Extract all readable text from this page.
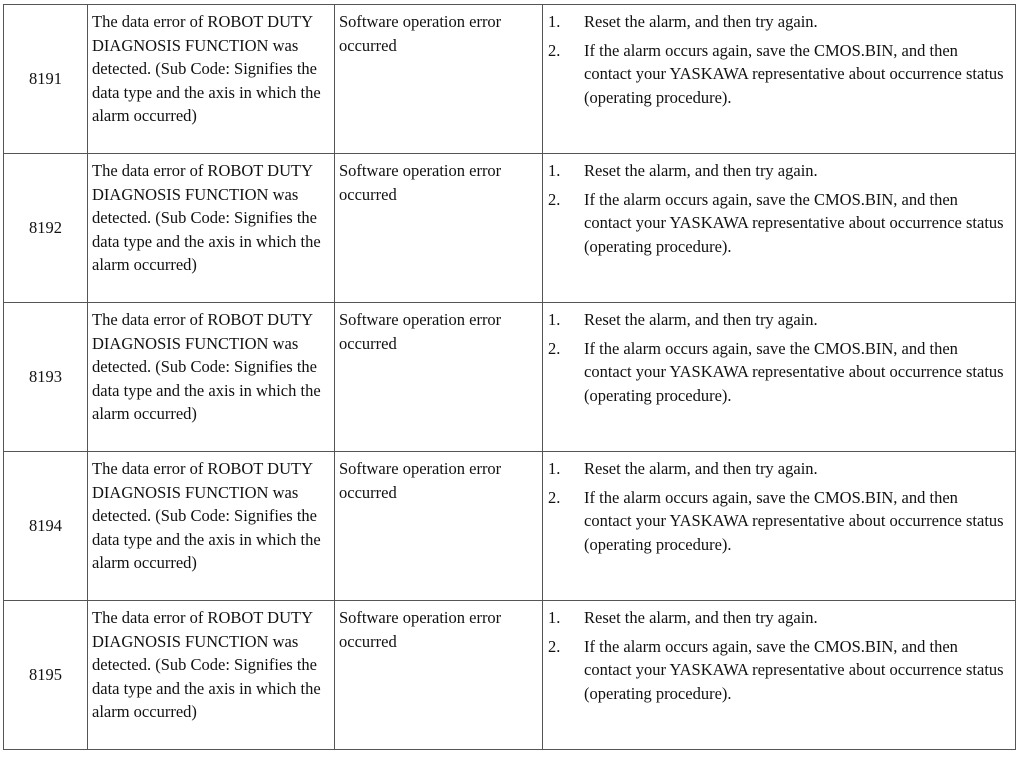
8191	The data error of ROBOT DUTY DIAGNOSIS FUNCTION was detected. (Sub Code: Signifies the data type and the axis in which the alarm occurred)	Software operation error occurred	1. Reset the alarm, and then try again.
2. If the alarm occurs again, save the CMOS.BIN, and then contact your YASKAWA representative about occurrence status (operating procedure).

8192	The data error of ROBOT DUTY DIAGNOSIS FUNCTION was detected. (Sub Code: Signifies the data type and the axis in which the alarm occurred)	Software operation error occurred	1. Reset the alarm, and then try again.
2. If the alarm occurs again, save the CMOS.BIN, and then contact your YASKAWA representative about occurrence status (operating procedure).

8193	The data error of ROBOT DUTY DIAGNOSIS FUNCTION was detected. (Sub Code: Signifies the data type and the axis in which the alarm occurred)	Software operation error occurred	1. Reset the alarm, and then try again.
2. If the alarm occurs again, save the CMOS.BIN, and then contact your YASKAWA representative about occurrence status (operating procedure).

8194	The data error of ROBOT DUTY DIAGNOSIS FUNCTION was detected. (Sub Code: Signifies the data type and the axis in which the alarm occurred)	Software operation error occurred	1. Reset the alarm, and then try again.
2. If the alarm occurs again, save the CMOS.BIN, and then contact your YASKAWA representative about occurrence status (operating procedure).

8195	The data error of ROBOT DUTY DIAGNOSIS FUNCTION was detected. (Sub Code: Signifies the data type and the axis in which the alarm occurred)	Software operation error occurred	1. Reset the alarm, and then try again.
2. If the alarm occurs again, save the CMOS.BIN, and then contact your YASKAWA representative about occurrence status (operating procedure).
